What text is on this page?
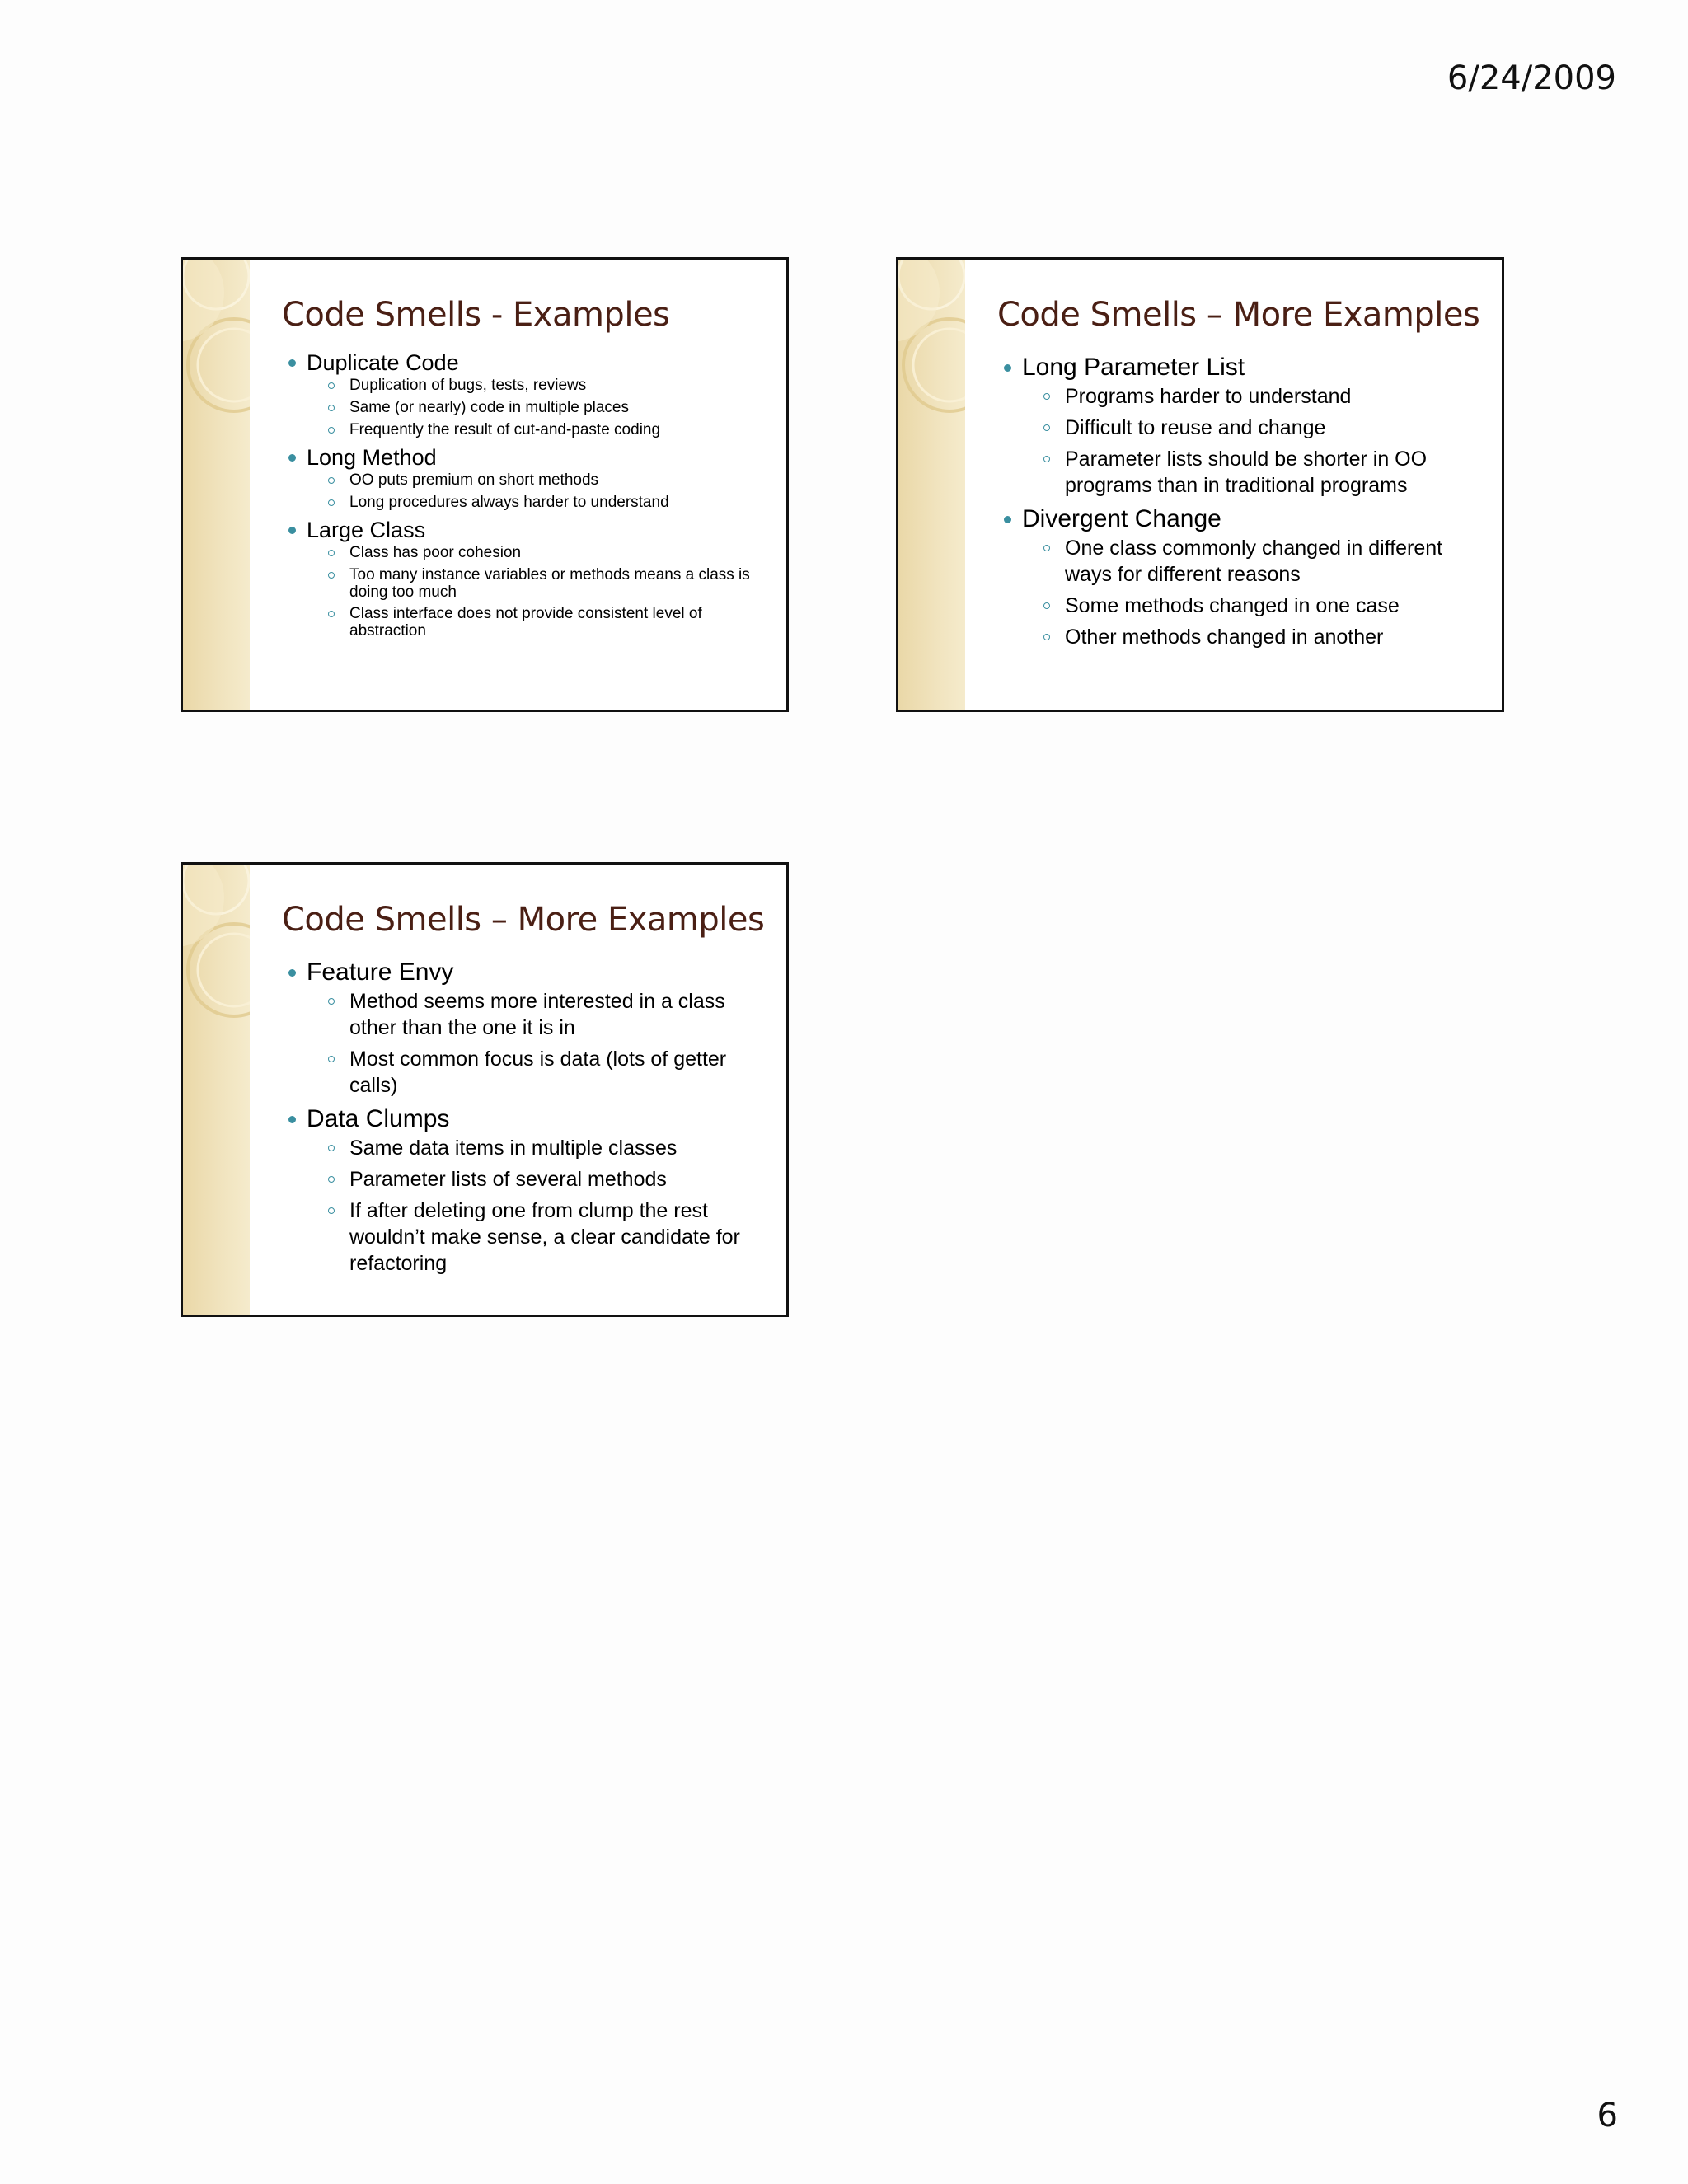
6/24/2009
Code Smells - Examples
Duplicate Code
Duplication of bugs, tests, reviews
Same (or nearly) code in multiple places
Frequently the result of cut-and-paste coding
Long Method
OO puts premium on short methods
Long procedures always harder to understand
Large Class
Class has poor cohesion
Too many instance variables or methods means a class is doing too much
Class interface does not provide consistent level of abstraction
Code Smells – More Examples
Long Parameter List
Programs harder to understand
Difficult to reuse and change
Parameter lists should be shorter in OO programs than in traditional programs
Divergent Change
One class commonly changed in different ways for different reasons
Some methods changed in one case
Other methods changed in another
Code Smells – More Examples
Feature Envy
Method seems more interested in a class other than the one it is in
Most common focus is data (lots of getter calls)
Data Clumps
Same data items in multiple classes
Parameter lists of several methods
If after deleting one from clump the rest wouldn’t make sense, a clear candidate for refactoring
6
